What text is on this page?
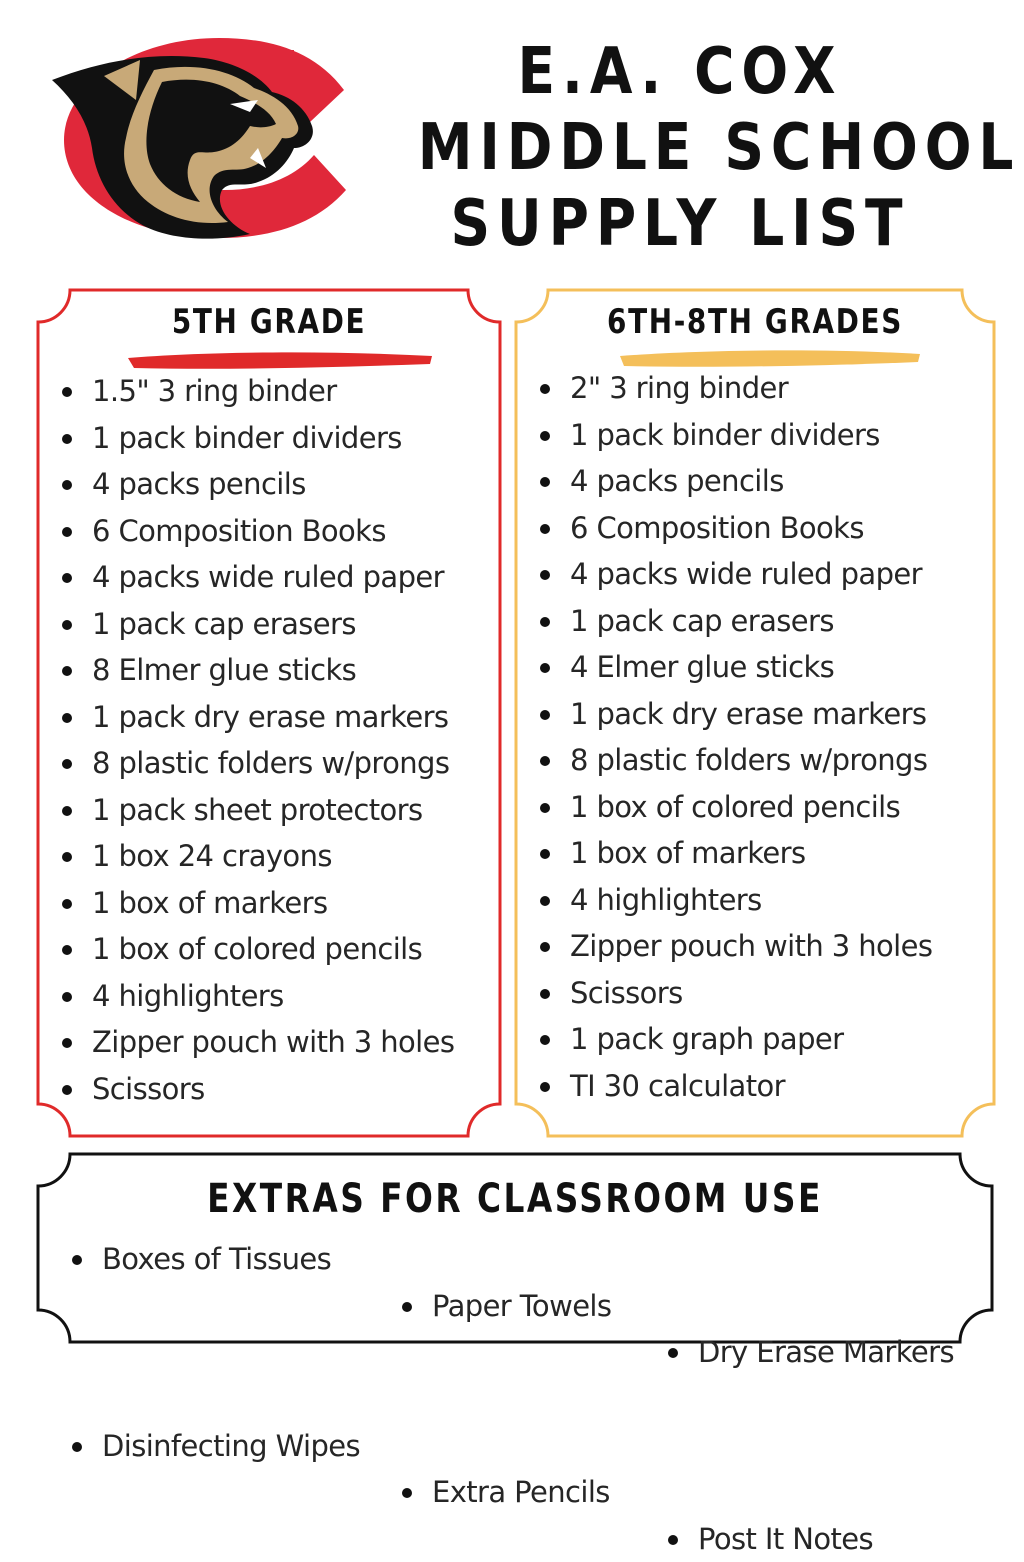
E.A. COX
MIDDLE SCHOOL
SUPPLY LIST
5TH GRADE
1.5" 3 ring binder
1 pack binder dividers
4 packs pencils
6 Composition Books
4 packs wide ruled paper
1 pack cap erasers
8 Elmer glue sticks
1 pack dry erase markers
8 plastic folders w/prongs
1 pack sheet protectors
1 box 24 crayons
1 box of markers
1 box of colored pencils
4 highlighters
Zipper pouch with 3 holes
Scissors
6TH-8TH GRADES
2" 3 ring binder
1 pack binder dividers
4 packs pencils
6 Composition Books
4 packs wide ruled paper
1 pack cap erasers
4 Elmer glue sticks
1 pack dry erase markers
8 plastic folders w/prongs
1 box of colored pencils
1 box of markers
4 highlighters
Zipper pouch with 3 holes
Scissors
1 pack graph paper
TI 30 calculator
EXTRAS FOR CLASSROOM USE
Boxes of Tissues
Paper Towels
Dry Erase Markers
Disinfecting Wipes
Extra Pencils
Post It Notes
